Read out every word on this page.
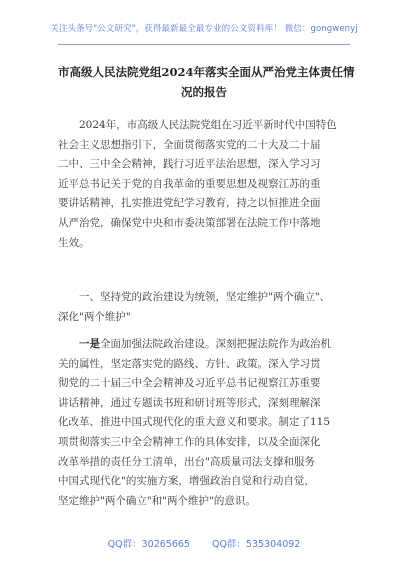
关注头条号"公文研究"，获得最新最全最专业的公文资料库！ 微信：gongwenyj
市高级人民法院党组2024年落实全面从严治党主体责任情
况的报告
2024年，市高级人民法院党组在习近平新时代中国特色
社会主义思想指引下，全面贯彻落实党的二十大及二十届
二中、三中全会精神，践行习近平法治思想，深入学习习
近平总书记关于党的自我革命的重要思想及视察江苏的重
要讲话精神，扎实推进党纪学习教育，持之以恒推进全面
从严治党，确保党中央和市委决策部署在法院工作中落地
生效。
一、坚持党的政治建设为统领，坚定维护"两个确立"、
深化"两个维护"
一是全面加强法院政治建设。深刻把握法院作为政治机
关的属性，坚定落实党的路线、方针、政策。深入学习贯
彻党的二十届三中全会精神及习近平总书记视察江苏重要
讲话精神，通过专题读书班和研讨班等形式，深刻理解深
化改革、推进中国式现代化的重大意义和要求。制定了115
项贯彻落实三中全会精神工作的具体安排，以及全面深化
改革举措的责任分工清单，出台"高质量司法支撑和服务
中国式现代化"的实施方案，增强政治自觉和行动自觉，
坚定维护"两个确立"和"两个维护"的意识。
QQ群：30265665 QQ群：535304092
